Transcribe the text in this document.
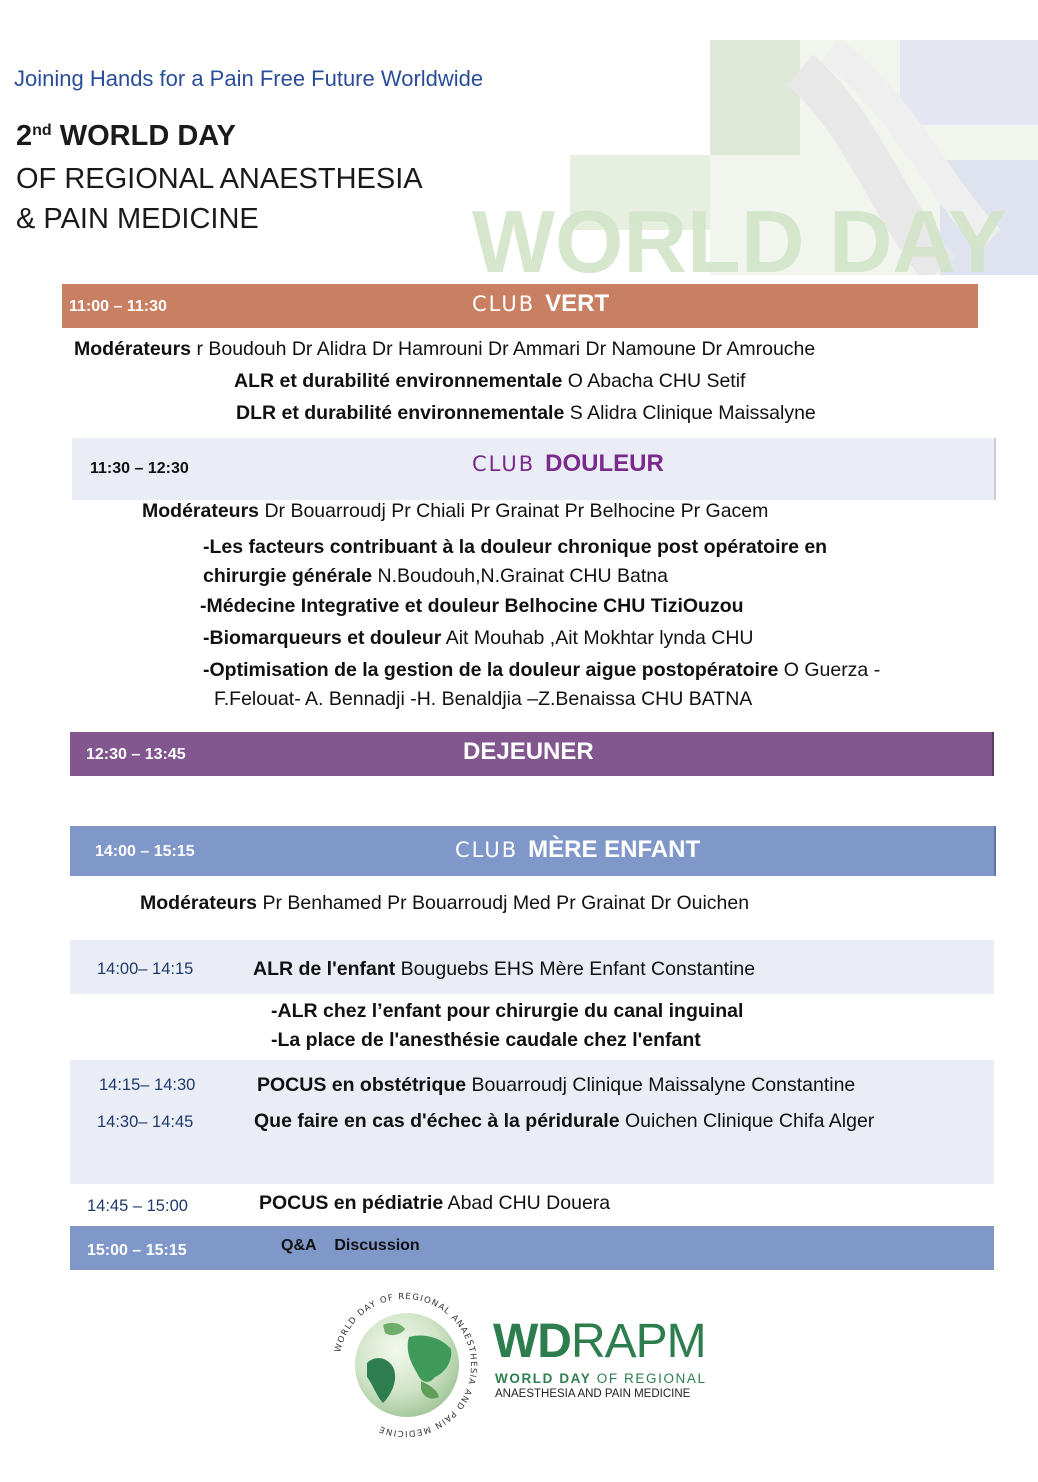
WORLD DAY
Joining Hands for a Pain Free Future Worldwide
2nd WORLD DAY
OF REGIONAL ANAESTHESIA
& PAIN MEDICINE
11:00 – 11:30	CLUB VERT
Modérateurs r Boudouh Dr Alidra Dr Hamrouni Dr Ammari Dr Namoune Dr Amrouche
ALR et durabilité environnementale O Abacha CHU Setif
DLR et durabilité environnementale S Alidra Clinique Maissalyne
11:30 – 12:30	CLUB DOULEUR
Modérateurs Dr Bouarroudj Pr Chiali Pr Grainat Pr Belhocine Pr Gacem
-Les facteurs contribuant à la douleur chronique post opératoire en
chirurgie générale N.Boudouh,N.Grainat CHU Batna
-Médecine Integrative et douleur Belhocine CHU TiziOuzou
-Biomarqueurs et douleur Ait Mouhab ,Ait Mokhtar lynda CHU
-Optimisation de la gestion de la douleur aigue postopératoire O Guerza -
F.Felouat- A. Bennadji -H. Benaldjia –Z.Benaissa CHU BATNA
12:30 – 13:45	DEJEUNER
14:00 – 15:15	CLUB MÈRE ENFANT
Modérateurs Pr Benhamed Pr Bouarroudj Med Pr Grainat Dr Ouichen
14:00– 14:15	ALR de l'enfant Bouguebs EHS Mère Enfant Constantine
-ALR chez l’enfant pour chirurgie du canal inguinal
-La place de l'anesthésie caudale chez l'enfant
14:15– 14:30	POCUS en obstétrique Bouarroudj Clinique Maissalyne Constantine
14:30– 14:45	Que faire en cas d'échec à la péridurale Ouichen Clinique Chifa Alger
14:45 – 15:00	POCUS en pédiatrie Abad CHU Douera
15:00 – 15:15	Q&A Discussion
WORLD DAY OF REGIONAL ANAESTHESIA AND PAIN MEDICINE
WDRAPM
WORLD DAY OF REGIONAL
ANAESTHESIA AND PAIN MEDICINE
